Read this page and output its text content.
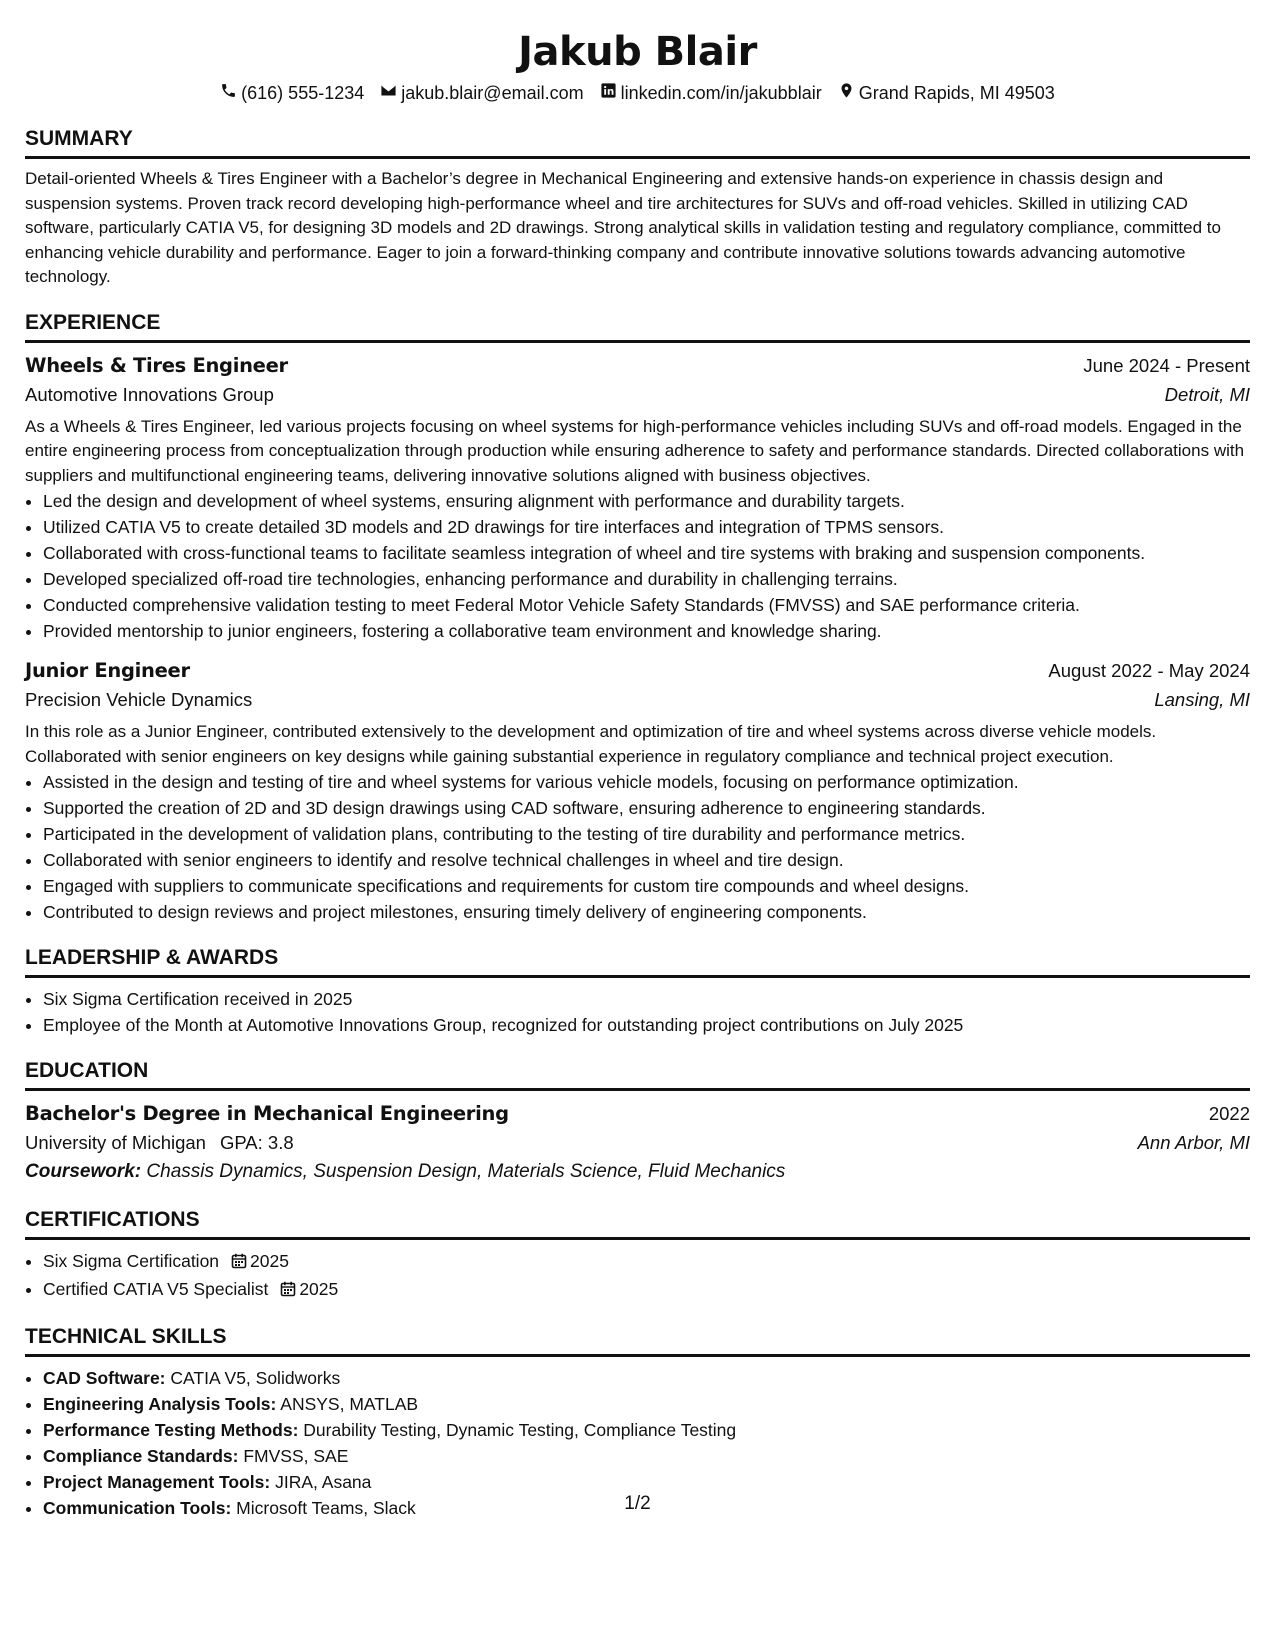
Jakub Blair
(616) 555-1234 jakub.blair@email.com linkedin.com/in/jakubblair Grand Rapids, MI 49503
SUMMARY
Detail-oriented Wheels & Tires Engineer with a Bachelor’s degree in Mechanical Engineering and extensive hands-on experience in chassis design and suspension systems. Proven track record developing high-performance wheel and tire architectures for SUVs and off-road vehicles. Skilled in utilizing CAD software, particularly CATIA V5, for designing 3D models and 2D drawings. Strong analytical skills in validation testing and regulatory compliance, committed to enhancing vehicle durability and performance. Eager to join a forward-thinking company and contribute innovative solutions towards advancing automotive technology.
EXPERIENCE
Wheels & Tires Engineer	June 2024 - Present
Automotive Innovations Group	Detroit, MI
As a Wheels & Tires Engineer, led various projects focusing on wheel systems for high-performance vehicles including SUVs and off-road models. Engaged in the entire engineering process from conceptualization through production while ensuring adherence to safety and performance standards. Directed collaborations with suppliers and multifunctional engineering teams, delivering innovative solutions aligned with business objectives.
• Led the design and development of wheel systems, ensuring alignment with performance and durability targets.
• Utilized CATIA V5 to create detailed 3D models and 2D drawings for tire interfaces and integration of TPMS sensors.
• Collaborated with cross-functional teams to facilitate seamless integration of wheel and tire systems with braking and suspension components.
• Developed specialized off-road tire technologies, enhancing performance and durability in challenging terrains.
• Conducted comprehensive validation testing to meet Federal Motor Vehicle Safety Standards (FMVSS) and SAE performance criteria.
• Provided mentorship to junior engineers, fostering a collaborative team environment and knowledge sharing.
Junior Engineer	August 2022 - May 2024
Precision Vehicle Dynamics	Lansing, MI
In this role as a Junior Engineer, contributed extensively to the development and optimization of tire and wheel systems across diverse vehicle models. Collaborated with senior engineers on key designs while gaining substantial experience in regulatory compliance and technical project execution.
• Assisted in the design and testing of tire and wheel systems for various vehicle models, focusing on performance optimization.
• Supported the creation of 2D and 3D design drawings using CAD software, ensuring adherence to engineering standards.
• Participated in the development of validation plans, contributing to the testing of tire durability and performance metrics.
• Collaborated with senior engineers to identify and resolve technical challenges in wheel and tire design.
• Engaged with suppliers to communicate specifications and requirements for custom tire compounds and wheel designs.
• Contributed to design reviews and project milestones, ensuring timely delivery of engineering components.
LEADERSHIP & AWARDS
• Six Sigma Certification received in 2025
• Employee of the Month at Automotive Innovations Group, recognized for outstanding project contributions on July 2025
EDUCATION
Bachelor's Degree in Mechanical Engineering	2022
University of Michigan GPA: 3.8	Ann Arbor, MI
Coursework: Chassis Dynamics, Suspension Design, Materials Science, Fluid Mechanics
CERTIFICATIONS
• Six Sigma Certification 2025
• Certified CATIA V5 Specialist 2025
TECHNICAL SKILLS
• CAD Software: CATIA V5, Solidworks
• Engineering Analysis Tools: ANSYS, MATLAB
• Performance Testing Methods: Durability Testing, Dynamic Testing, Compliance Testing
• Compliance Standards: FMVSS, SAE
• Project Management Tools: JIRA, Asana
• Communication Tools: Microsoft Teams, Slack	1/2
